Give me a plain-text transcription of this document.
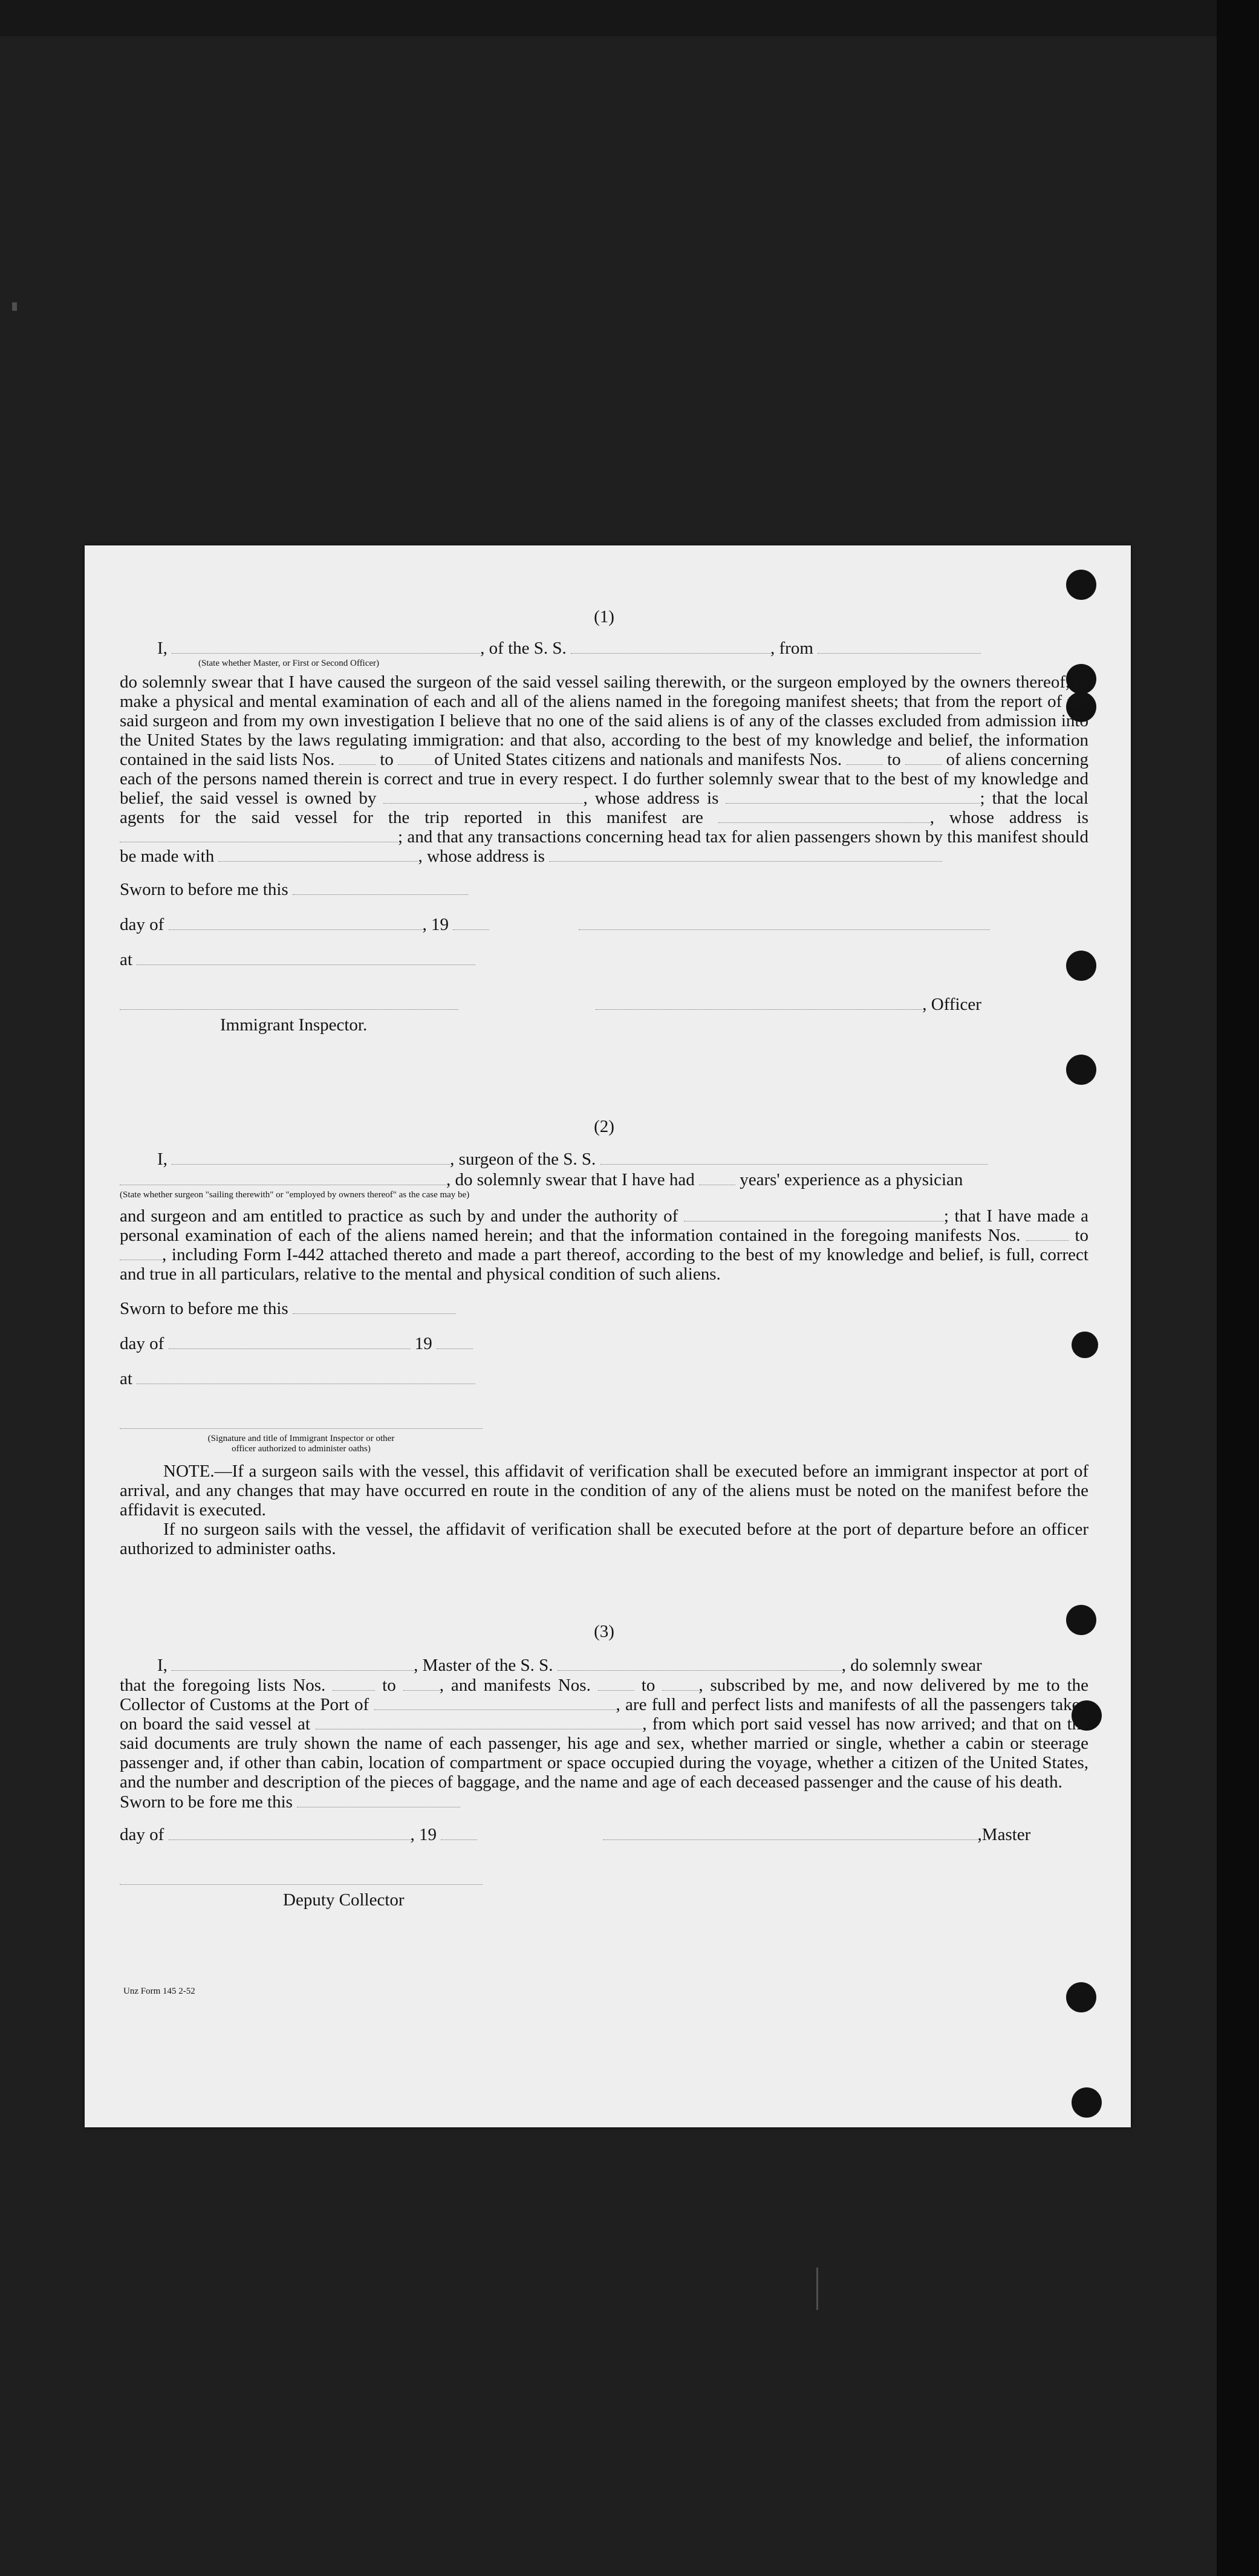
(1)
I,	, of the S. S.	, from
(State whether Master, or First or Second Officer)
do solemnly swear that I have caused the surgeon of the said vessel sailing therewith, or the surgeon employed by the owners thereof, to make a physical and mental examination of each and all of the aliens named in the foregoing manifest sheets; that from the report of the said surgeon and from my own investigation I believe that no one of the said aliens is of any of the classes excluded from admission into the United States by the laws regulating immigration: and that also, according to the best of my knowledge and belief, the information contained in the said lists Nos.	to of United States citizens and nationals and manifests Nos.	to	of aliens concerning each of the persons named therein is correct and true in every respect. I do further solemnly swear that to the best of my knowledge and belief, the said vessel is owned by	, whose address is	; that the local agents for the said vessel for the trip reported in this manifest are	, whose address is ; and that any transactions concerning head tax for alien passengers shown by this manifest should be made with	, whose address is
Sworn to before me this
day of	, 19
at
, Officer
Immigrant Inspector.
(2)
I,	, surgeon of the S. S.
, do solemnly swear that I have had	years' experience as a physician
(State whether surgeon "sailing therewith" or "employed by owners thereof" as the case may be)
and surgeon and am entitled to practice as such by and under the authority of	; that I have made a personal examination of each of the aliens named herein; and that the information contained in the foregoing manifests Nos.	to , including Form I-442 attached thereto and made a part thereof, according to the best of my knowledge and belief, is full, correct and true in all particulars, relative to the mental and physical condition of such aliens.
Sworn to before me this
day of	19
at
(Signature and title of Immigrant Inspector or other
officer authorized to administer oaths)
NOTE.—If a surgeon sails with the vessel, this affidavit of verification shall be executed before an immigrant inspector at port of arrival, and any changes that may have occurred en route in the condition of any of the aliens must be noted on the manifest before the affidavit is executed.
If no surgeon sails with the vessel, the affidavit of verification shall be executed before at the port of departure before an officer authorized to administer oaths.
(3)
I,	, Master of the S. S.	, do solemnly swear
that the foregoing lists Nos.	to , and manifests Nos.	to , subscribed by me, and now delivered by me to the Collector of Customs at the Port of	, are full and perfect lists and manifests of all the passengers taken on board the said vessel at	, from which port said vessel has now arrived; and that on the said documents are truly shown the name of each passenger, his age and sex, whether married or single, whether a cabin or steerage passenger and, if other than cabin, location of compartment or space occupied during the voyage, whether a citizen of the United States, and the number and description of the pieces of baggage, and the name and age of each deceased passenger and the cause of his death.
Sworn to be fore me this
day of	, 19	,Master
Deputy Collector
Unz Form 145 2-52
